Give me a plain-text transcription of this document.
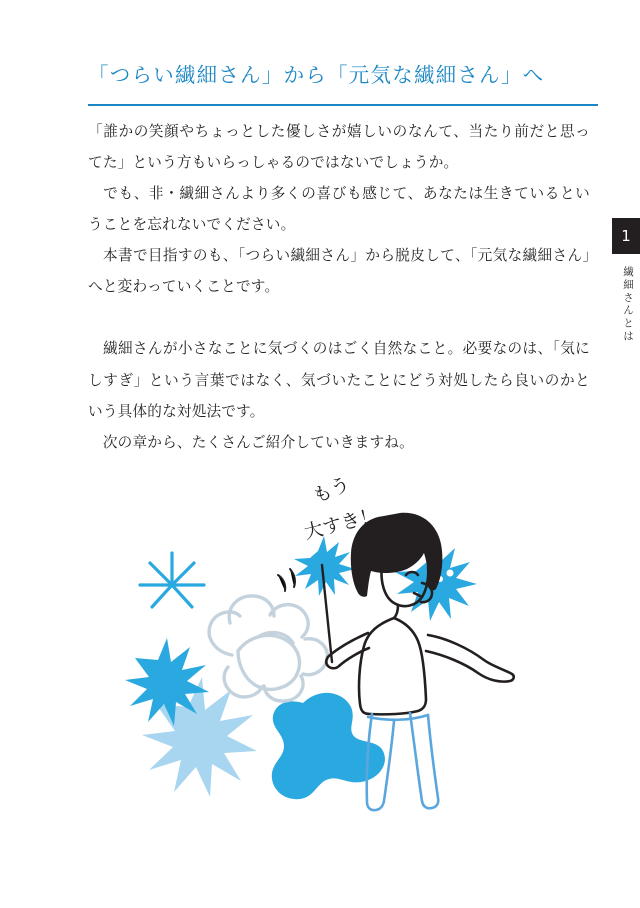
「つらい繊細さん」から「元気な繊細さん」へ

「誰かの笑顔やちょっとした優しさが嬉しいのなんて、当たり前だと思ってた」という方もいらっしゃるのではないでしょうか。

　でも、非・繊細さんより多くの喜びも感じて、あなたは生きているということを忘れないでください。

　本書で目指すのも、「つらい繊細さん」から脱皮して、「元気な繊細さん」へと変わっていくことです。

　繊細さんが小さなことに気づくのはごく自然なこと。必要なのは、「気にしすぎ」という言葉ではなく、気づいたことにどう対処したら良いのかという具体的な対処法です。

　次の章から、たくさんご紹介していきますね。

1
繊細さんとは
もう
大すき！
